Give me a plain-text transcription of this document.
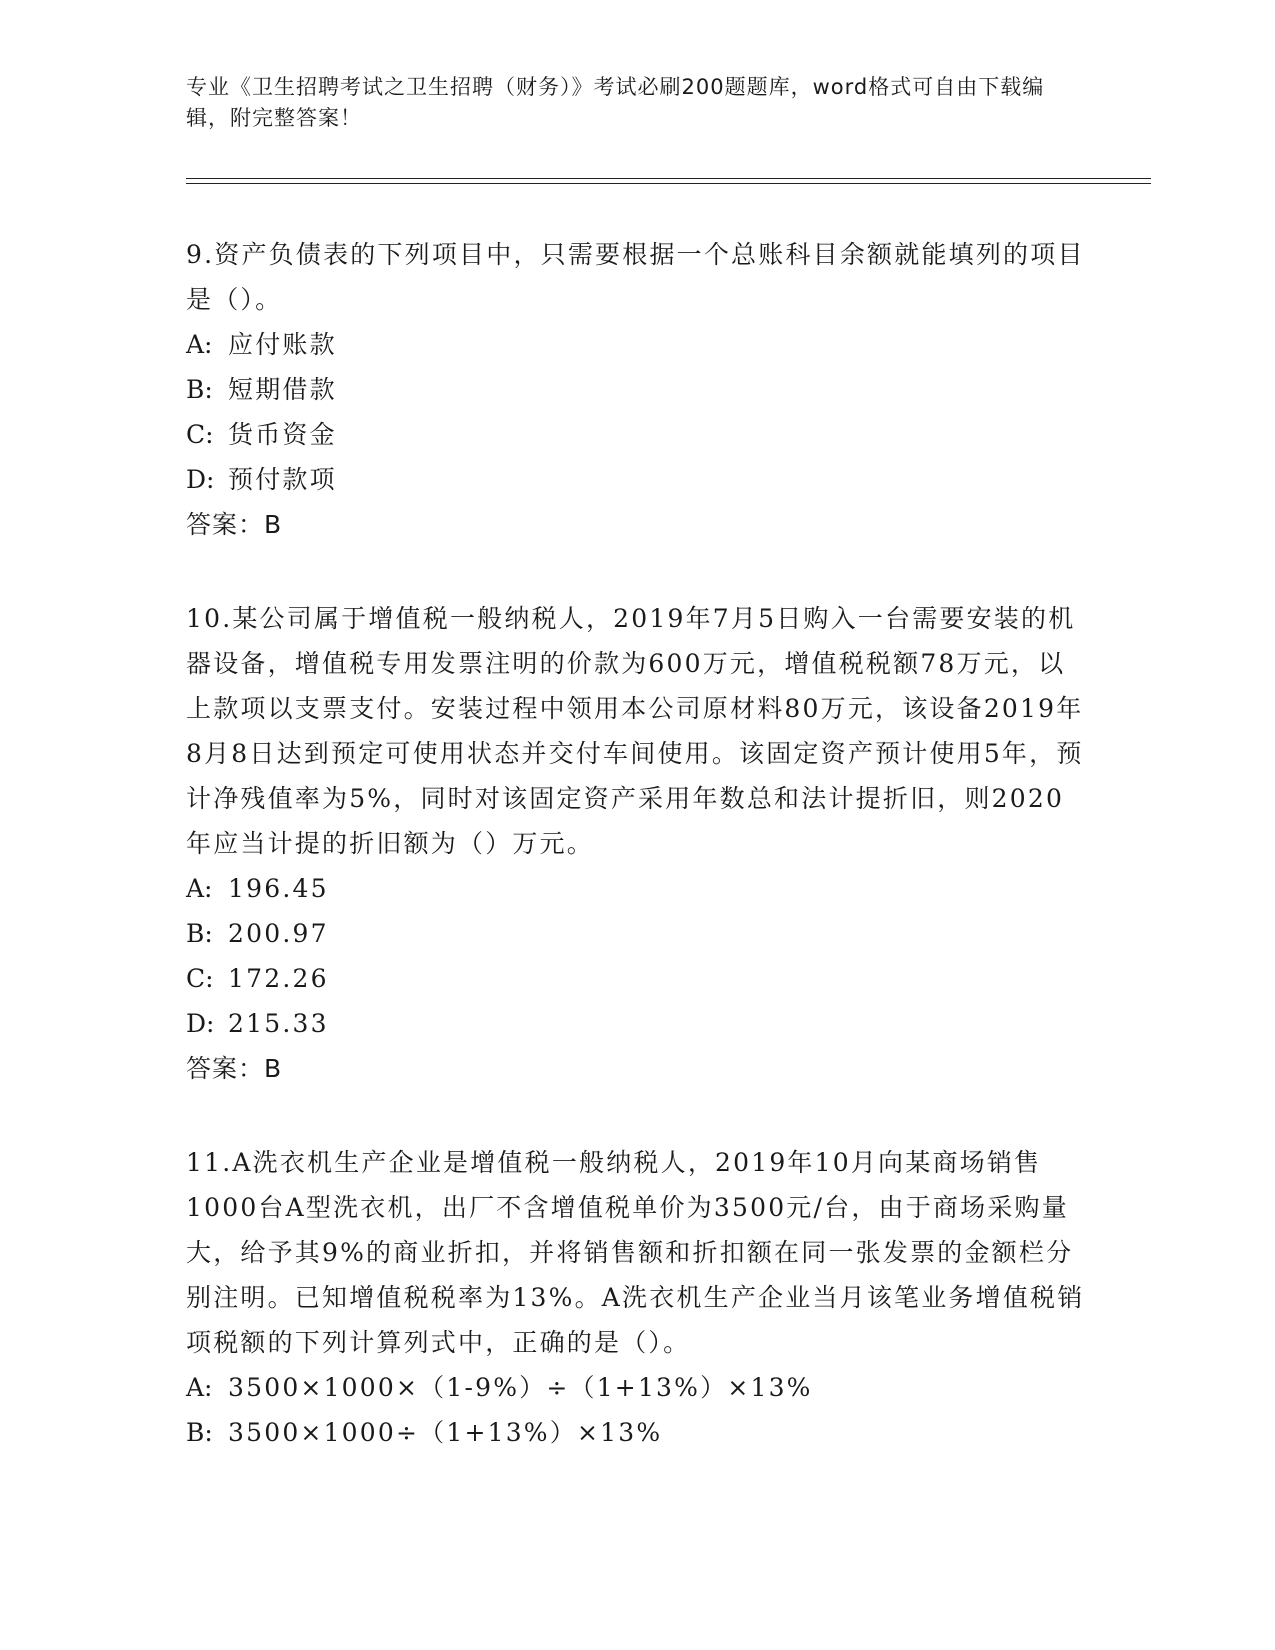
专业《卫生招聘考试之卫生招聘（财务）》考试必刷200题题库，word格式可自由下载编辑，附完整答案！

9.资产负债表的下列项目中，只需要根据一个总账科目余额就能填列的项目是（）。

A: 应付账款

B: 短期借款

C: 货币资金

D: 预付款项

答案：B

10.某公司属于增值税一般纳税人，2019年7月5日购入一台需要安装的机器设备，增值税专用发票注明的价款为600万元，增值税税额78万元，以上款项以支票支付。安装过程中领用本公司原材料80万元，该设备2019年8月8日达到预定可使用状态并交付车间使用。该固定资产预计使用5年，预计净残值率为5%，同时对该固定资产采用年数总和法计提折旧，则2020年应当计提的折旧额为（）万元。

A: 196.45

B: 200.97

C: 172.26

D: 215.33

答案：B

11.A洗衣机生产企业是增值税一般纳税人，2019年10月向某商场销售1000台A型洗衣机，出厂不含增值税单价为3500元/台，由于商场采购量大，给予其9%的商业折扣，并将销售额和折扣额在同一张发票的金额栏分别注明。已知增值税税率为13%。A洗衣机生产企业当月该笔业务增值税销项税额的下列计算列式中，正确的是（）。

A: 3500×1000×（1-9%）÷（1+13%）×13%

B: 3500×1000÷（1+13%）×13%
